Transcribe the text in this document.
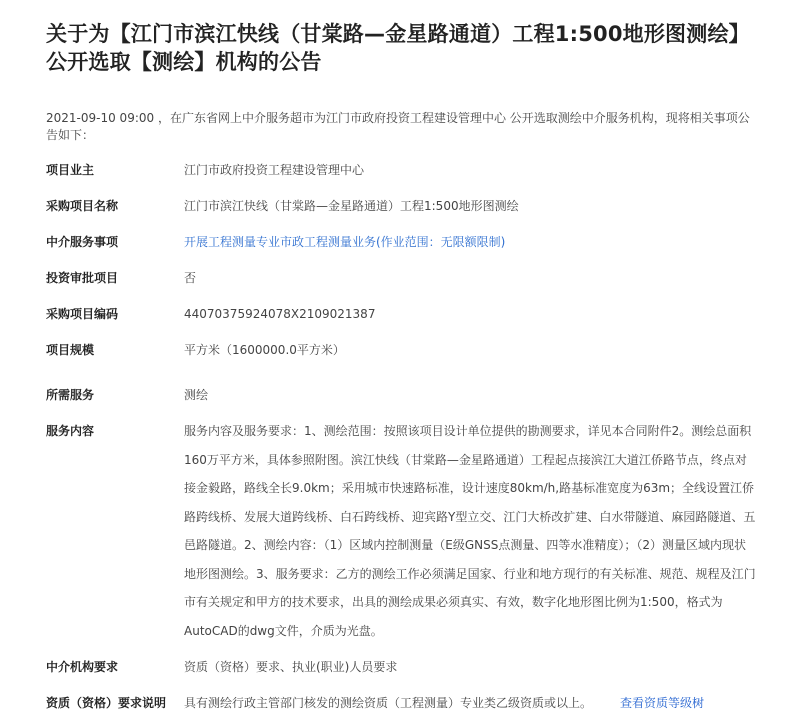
关于为【江门市滨江快线（甘棠路—金星路通道）工程1:500地形图测绘】公开选取【测绘】机构的公告
2021-09-10 09:00 ，在广东省网上中介服务超市为江门市政府投资工程建设管理中心 公开选取测绘中介服务机构，现将相关事项公告如下：
项目业主	江门市政府投资工程建设管理中心
采购项目名称	江门市滨江快线（甘棠路—金星路通道）工程1:500地形图测绘
中介服务事项	开展工程测量专业市政工程测量业务(作业范围：无限额限制)
投资审批项目	否
采购项目编码	44070375924078X2109021387
项目规模	平方米（1600000.0平方米）
所需服务	测绘
服务内容	服务内容及服务要求：1、测绘范围：按照该项目设计单位提供的勘测要求，详见本合同附件2。测绘总面积160万平方米，具体参照附图。滨江快线（甘棠路—金星路通道）工程起点接滨江大道江侨路节点，终点对接金毅路，路线全长9.0km；采用城市快速路标准，设计速度80km/h,路基标准宽度为63m；全线设置江侨路跨线桥、发展大道跨线桥、白石跨线桥、迎宾路Y型立交、江门大桥改扩建、白水带隧道、麻园路隧道、五邑路隧道。2、测绘内容：（1）区域内控制测量（E级GNSS点测量、四等水准精度）；（2）测量区域内现状地形图测绘。3、服务要求：乙方的测绘工作必须满足国家、行业和地方现行的有关标准、规范、规程及江门市有关规定和甲方的技术要求，出具的测绘成果必须真实、有效，数字化地形图比例为1:500，格式为AutoCAD的dwg文件，介质为光盘。
中介机构要求	资质（资格）要求、执业(职业)人员要求
资质（资格）要求说明	具有测绘行政主管部门核发的测绘资质（工程测量）专业类乙级资质或以上。 查看资质等级树
